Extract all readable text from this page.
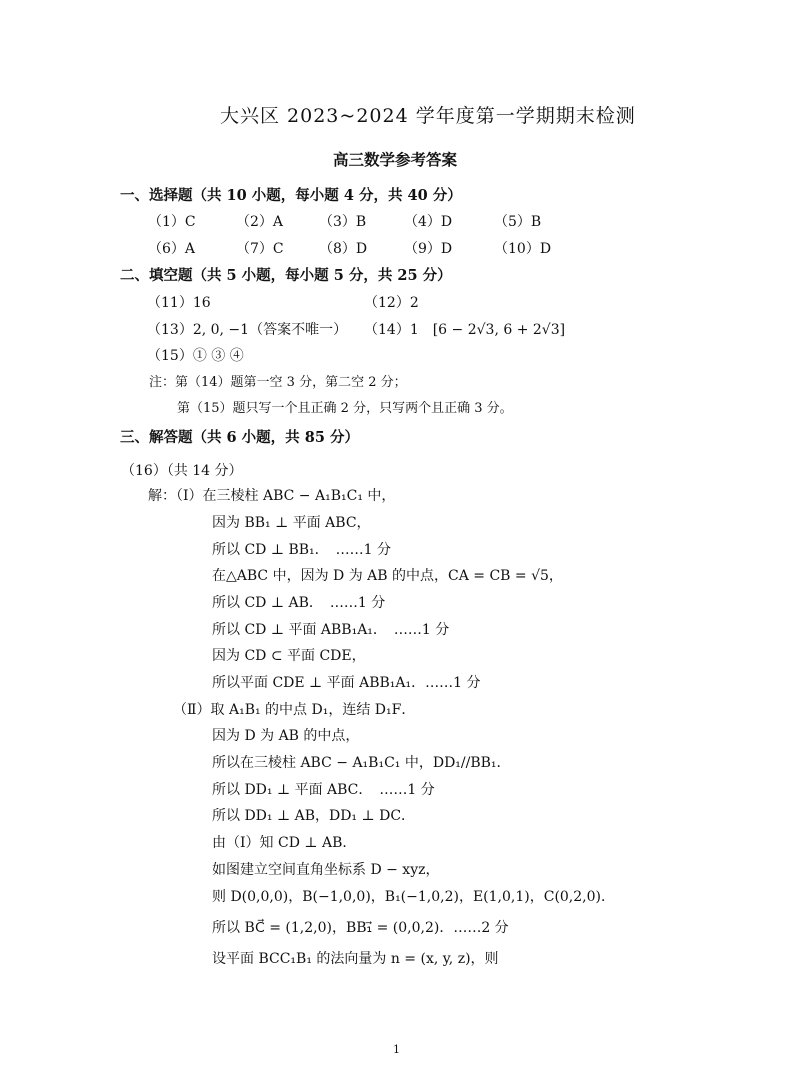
大兴区 2023~2024 学年度第一学期期末检测
高三数学参考答案
一、选择题（共 10 小题，每小题 4 分，共 40 分）
（1）C	（2）A	（3）B	（4）D	（5）B
（6）A	（7）C	（8）D	（9）D	（10）D
二、填空题（共 5 小题，每小题 5 分，共 25 分）
（11）16	（12）2
（13）2, 0, −1（答案不唯一） （14）1　[6 − 2√3, 6 + 2√3]
（15）① ③ ④
注：第（14）题第一空 3 分，第二空 2 分；
第（15）题只写一个且正确 2 分，只写两个且正确 3 分。
三、解答题（共 6 小题，共 85 分）
（16）（共 14 分）
解：（Ⅰ）在三棱柱 ABC − A₁B₁C₁ 中，
因为 BB₁ ⊥ 平面 ABC，
所以 CD ⊥ BB₁．　……1 分
在△ABC 中，因为 D 为 AB 的中点，CA = CB = √5，
所以 CD ⊥ AB．　……1 分
所以 CD ⊥ 平面 ABB₁A₁．　……1 分
因为 CD ⊂ 平面 CDE，
所以平面 CDE ⊥ 平面 ABB₁A₁．……1 分
（Ⅱ）取 A₁B₁ 的中点 D₁，连结 D₁F．
因为 D 为 AB 的中点，
所以在三棱柱 ABC − A₁B₁C₁ 中，DD₁//BB₁．
所以 DD₁ ⊥ 平面 ABC．　……1 分
所以 DD₁ ⊥ AB，DD₁ ⊥ DC．
由（Ⅰ）知 CD ⊥ AB．
如图建立空间直角坐标系 D − xyz，
则 D(0,0,0)，B(−1,0,0)，B₁(−1,0,2)，E(1,0,1)，C(0,2,0)．
所以 BC⃗ = (1,2,0)，BB₁⃗ = (0,0,2)．……2 分
设平面 BCC₁B₁ 的法向量为 n = (x, y, z)，则
1
